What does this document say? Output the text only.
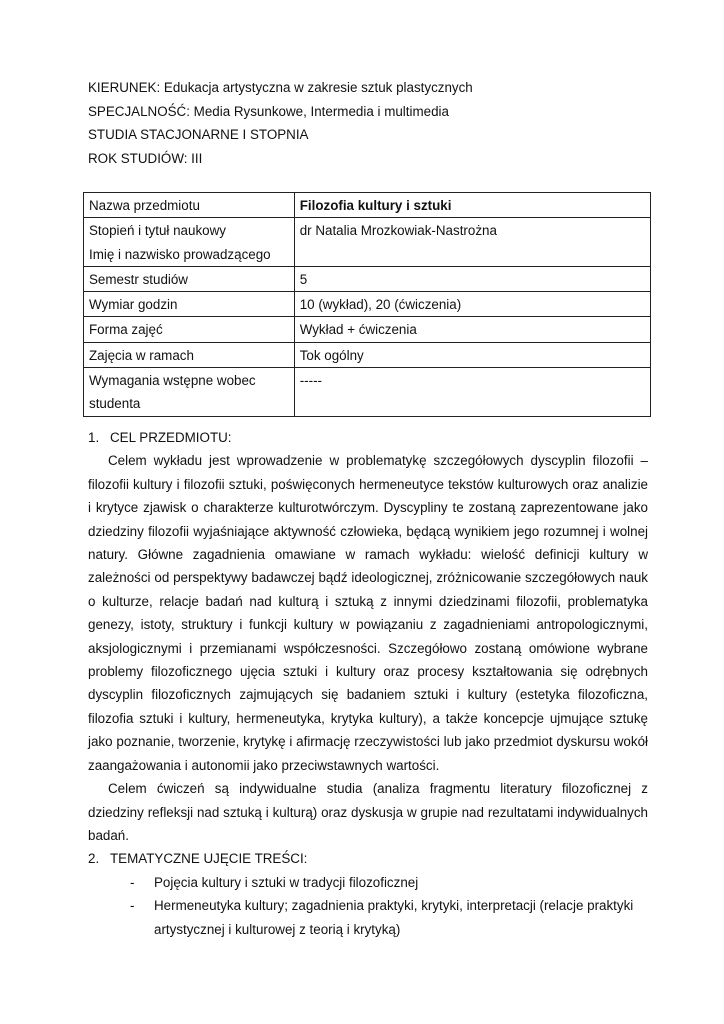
KIERUNEK: Edukacja artystyczna w zakresie sztuk plastycznych
SPECJALNOŚĆ: Media Rysunkowe, Intermedia i multimedia
STUDIA STACJONARNE I STOPNIA
ROK STUDIÓW: III
Nazwa przedmiotu	Filozofia kultury i sztuki

Stopień i tytuł naukowy
Imię i nazwisko prowadzącego	dr Natalia Mrozkowiak-Nastrożna
Semestr studiów	5
Wymiar godzin	10 (wykład), 20 (ćwiczenia)
Forma zajęć	Wykład + ćwiczenia
Zajęcia w ramach	Tok ogólny

Wymagania wstępne wobec
studenta	-----
1. CEL PRZEDMIOTU:

Celem wykładu jest wprowadzenie w problematykę szczegółowych dyscyplin filozofii – filozofii kultury i filozofii sztuki, poświęconych hermeneutyce tekstów kulturowych oraz analizie i krytyce zjawisk o charakterze kulturotwórczym. Dyscypliny te zostaną zaprezentowane jako dziedziny filozofii wyjaśniające aktywność człowieka, będącą wynikiem jego rozumnej i wolnej natury. Główne zagadnienia omawiane w ramach wykładu: wielość definicji kultury w zależności od perspektywy badawczej bądź ideologicznej, zróżnicowanie szczegółowych nauk o kulturze, relacje badań nad kulturą i sztuką z innymi dziedzinami filozofii, problematyka genezy, istoty, struktury i funkcji kultury w powiązaniu z zagadnieniami antropologicznymi, aksjologicznymi i przemianami współczesności. Szczegółowo zostaną omówione wybrane problemy filozoficznego ujęcia sztuki i kultury oraz procesy kształtowania się odrębnych dyscyplin filozoficznych zajmujących się badaniem sztuki i kultury (estetyka filozoficzna, filozofia sztuki i kultury, hermeneutyka, krytyka kultury), a także koncepcje ujmujące sztukę jako poznanie, tworzenie, krytykę i afirmację rzeczywistości lub jako przedmiot dyskursu wokół zaangażowania i autonomii jako przeciwstawnych wartości.

Celem ćwiczeń są indywidualne studia (analiza fragmentu literatury filozoficznej z dziedziny refleksji nad sztuką i kulturą) oraz dyskusja w grupie nad rezultatami indywidualnych badań.

2. TEMATYCZNE UJĘCIE TREŚCI:
- Pojęcia kultury i sztuki w tradycji filozoficznej
- Hermeneutyka kultury; zagadnienia praktyki, krytyki, interpretacji (relacje praktyki artystycznej i kulturowej z teorią i krytyką)
